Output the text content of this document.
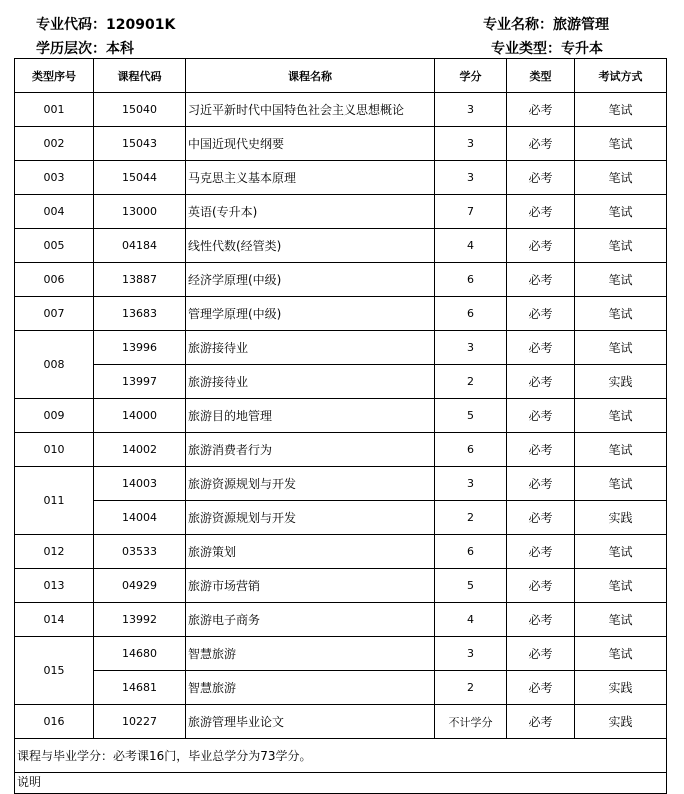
专业代码：120901K
学历层次：本科
专业名称：旅游管理
专业类型：专升本
类型序号	课程代码	课程名称	学分	类型	考试方式
001	15040	习近平新时代中国特色社会主义思想概论	3	必考	笔试
002	15043	中国近现代史纲要	3	必考	笔试
003	15044	马克思主义基本原理	3	必考	笔试
004	13000	英语(专升本)	7	必考	笔试
005	04184	线性代数(经管类)	4	必考	笔试
006	13887	经济学原理(中级)	6	必考	笔试
007	13683	管理学原理(中级)	6	必考	笔试
008	13996	旅游接待业	3	必考	笔试
	13997	旅游接待业	2	必考	实践
009	14000	旅游目的地管理	5	必考	笔试
010	14002	旅游消费者行为	6	必考	笔试
011	14003	旅游资源规划与开发	3	必考	笔试
	14004	旅游资源规划与开发	2	必考	实践
012	03533	旅游策划	6	必考	笔试
013	04929	旅游市场营销	5	必考	笔试
014	13992	旅游电子商务	4	必考	笔试
015	14680	智慧旅游	3	必考	笔试
	14681	智慧旅游	2	必考	实践
016	10227	旅游管理毕业论文	不计学分	必考	实践
课程与毕业学分：必考课16门，毕业总学分为73学分。					
说明					
